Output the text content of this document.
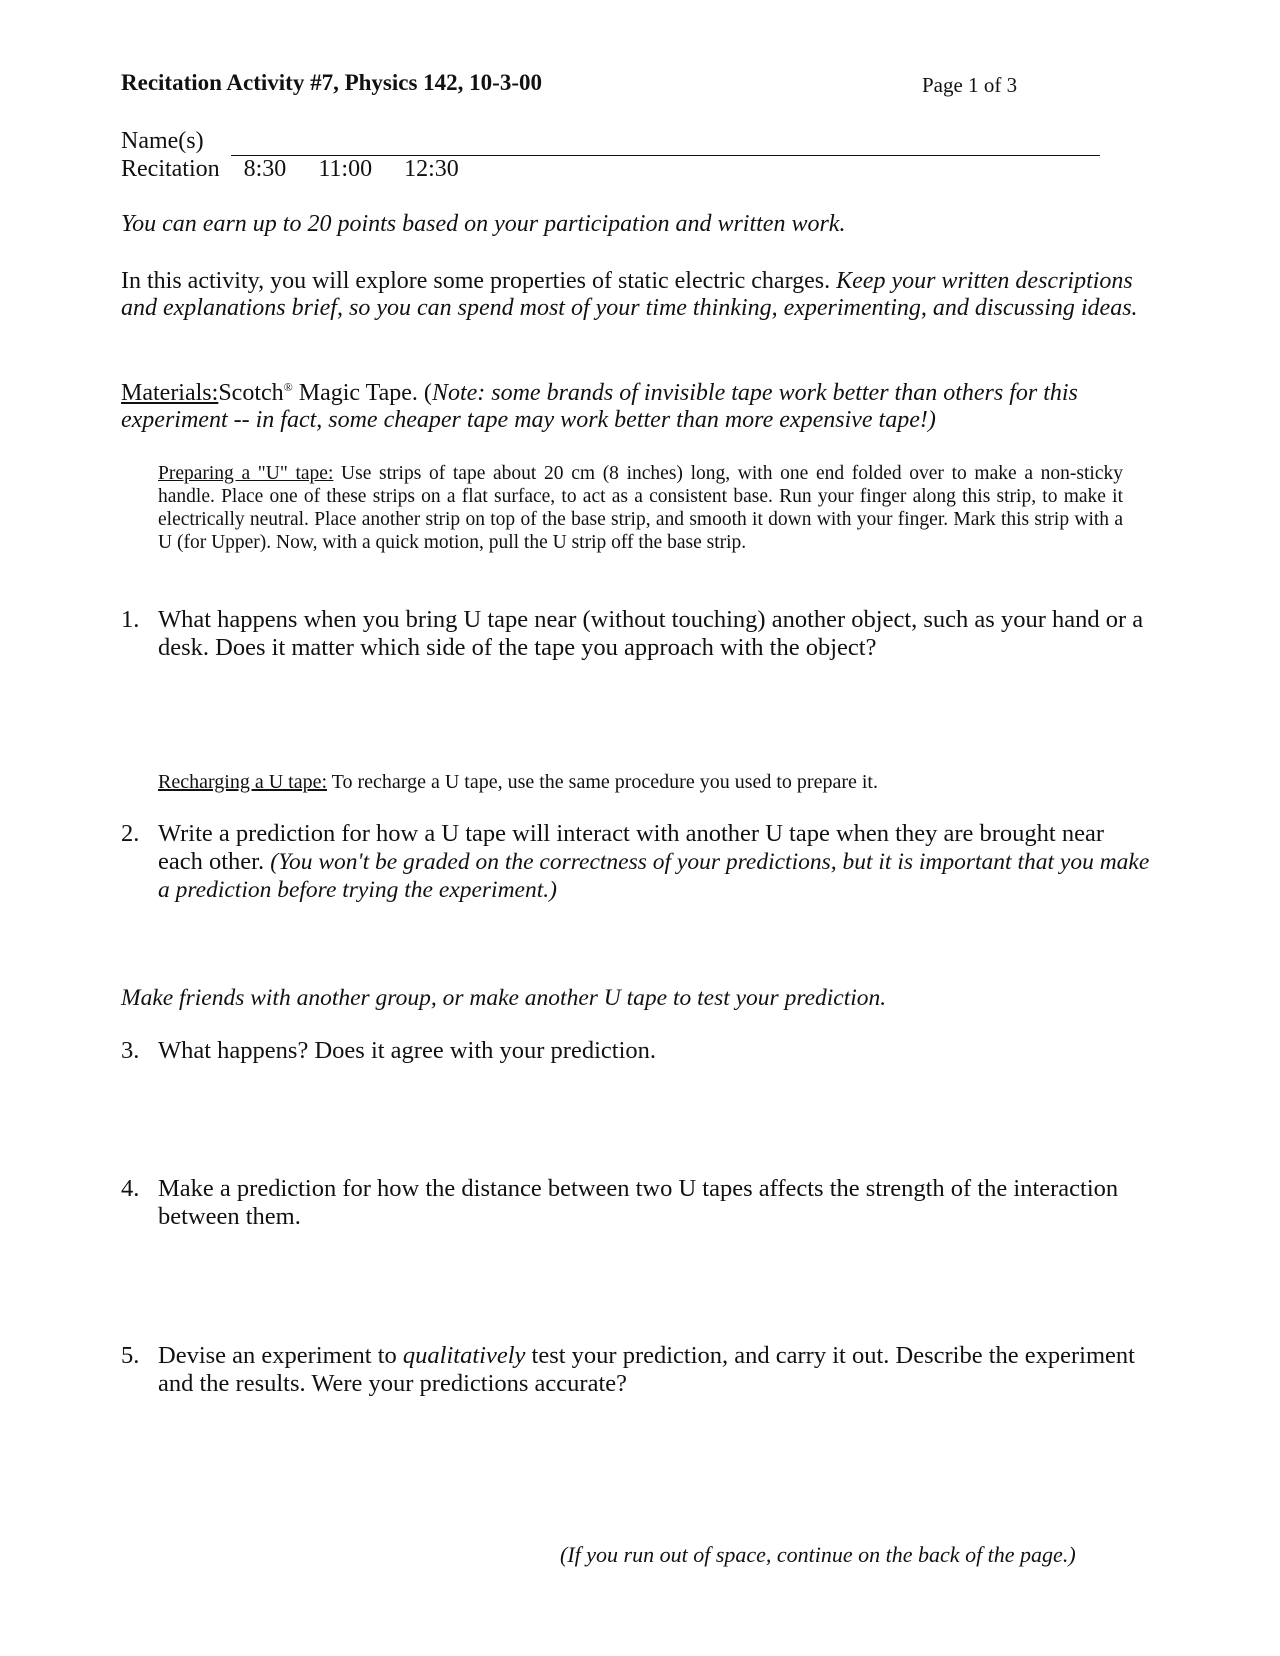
Recitation Activity #7, Physics 142, 10-3-00	Page 1 of 3
Name(s)
Recitation 8:30 11:00 12:30
You can earn up to 20 points based on your participation and written work.
In this activity, you will explore some properties of static electric charges. Keep your written descriptions and explanations brief, so you can spend most of your time thinking, experimenting, and discussing ideas.
Materials:Scotch® Magic Tape. (Note: some brands of invisible tape work better than others for this experiment -- in fact, some cheaper tape may work better than more expensive tape!)
Preparing a "U" tape: Use strips of tape about 20 cm (8 inches) long, with one end folded over to make a non-sticky handle. Place one of these strips on a flat surface, to act as a consistent base. Run your finger along this strip, to make it electrically neutral. Place another strip on top of the base strip, and smooth it down with your finger. Mark this strip with a U (for Upper). Now, with a quick motion, pull the U strip off the base strip.
1. What happens when you bring U tape near (without touching) another object, such as your hand or a desk. Does it matter which side of the tape you approach with the object?
Recharging a U tape: To recharge a U tape, use the same procedure you used to prepare it.
2. Write a prediction for how a U tape will interact with another U tape when they are brought near each other. (You won't be graded on the correctness of your predictions, but it is important that you make a prediction before trying the experiment.)
Make friends with another group, or make another U tape to test your prediction.
3. What happens? Does it agree with your prediction.
4. Make a prediction for how the distance between two U tapes affects the strength of the interaction between them.
5. Devise an experiment to qualitatively test your prediction, and carry it out. Describe the experiment and the results. Were your predictions accurate?
(If you run out of space, continue on the back of the page.)
